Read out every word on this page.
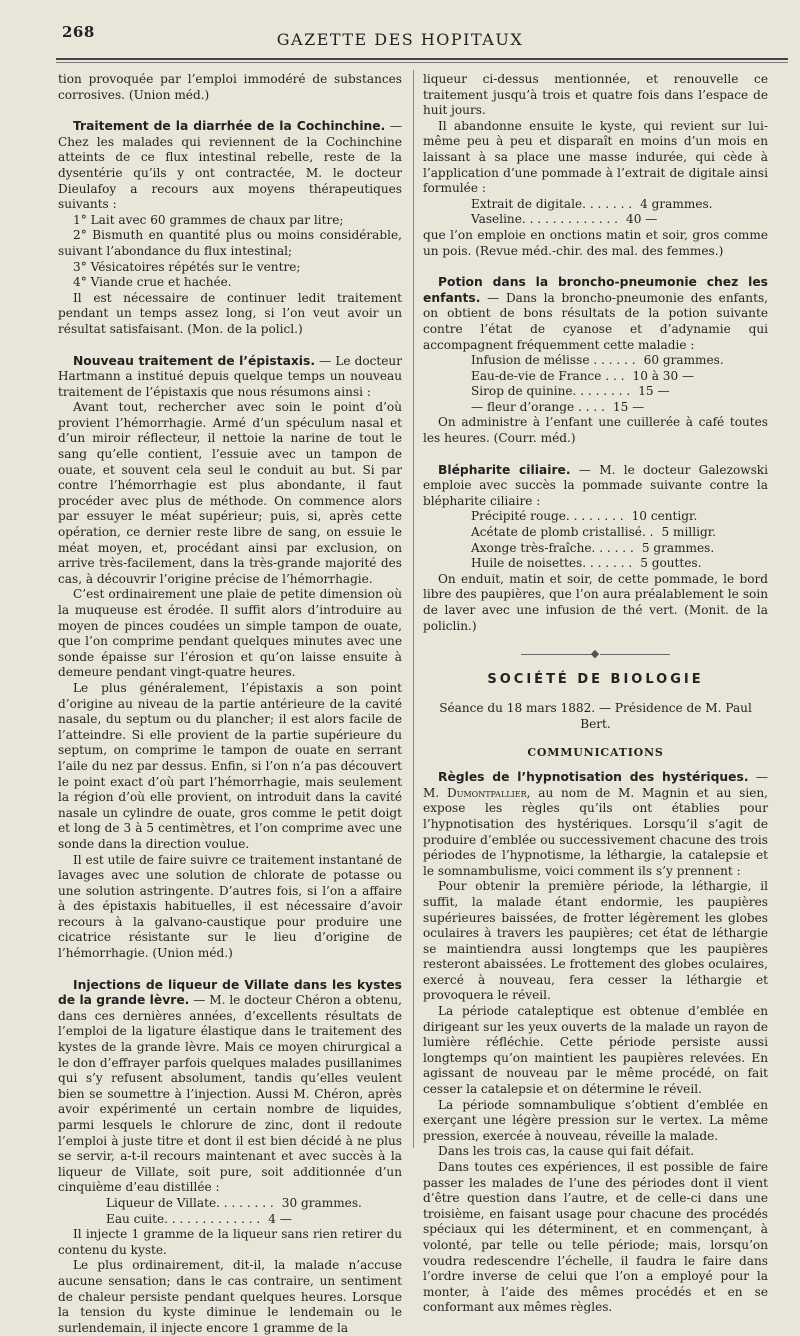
268	GAZETTE DES HOPITAUX

tion provoquée par l’emploi immodéré de substances corrosives. (Union méd.)

Traitement de la diarrhée de la Cochinchine. — Chez les malades qui reviennent de la Cochinchine atteints de ce flux intestinal rebelle, reste de la dysentérie qu’ils y ont contractée, M. le docteur Dieulafoy a recours aux moyens thérapeutiques suivants :

1° Lait avec 60 grammes de chaux par litre;

2° Bismuth en quantité plus ou moins considérable, suivant l’abondance du flux intestinal;

3° Vésicatoires répétés sur le ventre;

4° Viande crue et hachée.

Il est nécessaire de continuer ledit traitement pendant un temps assez long, si l’on veut avoir un résultat satisfaisant. (Mon. de la policl.)

Nouveau traitement de l’épistaxis. — Le docteur Hartmann a institué depuis quelque temps un nouveau traitement de l’épistaxis que nous résumons ainsi :

Avant tout, rechercher avec soin le point d’où provient l’hémorrhagie. Armé d’un spéculum nasal et d’un miroir réflecteur, il nettoie la narine de tout le sang qu’elle contient, l’essuie avec un tampon de ouate, et souvent cela seul le conduit au but. Si par contre l’hémorrhagie est plus abondante, il faut procéder avec plus de méthode. On commence alors par essuyer le méat supérieur; puis, si, après cette opération, ce dernier reste libre de sang, on essuie le méat moyen, et, procédant ainsi par exclusion, on arrive très-facilement, dans la très-grande majorité des cas, à découvrir l’origine précise de l’hémorrhagie.

C’est ordinairement une plaie de petite dimension où la muqueuse est érodée. Il suffit alors d’introduire au moyen de pinces coudées un simple tampon de ouate, que l’on comprime pendant quelques minutes avec une sonde épaisse sur l’érosion et qu’on laisse ensuite à demeure pendant vingt-quatre heures.

Le plus généralement, l’épistaxis a son point d’origine au niveau de la partie antérieure de la cavité nasale, du septum ou du plancher; il est alors facile de l’atteindre. Si elle provient de la partie supérieure du septum, on comprime le tampon de ouate en serrant l’aile du nez par dessus. Enfin, si l’on n’a pas découvert le point exact d’où part l’hémorrhagie, mais seulement la région d’où elle provient, on introduit dans la cavité nasale un cylindre de ouate, gros comme le petit doigt et long de 3 à 5 centimètres, et l’on comprime avec une sonde dans la direction voulue.

Il est utile de faire suivre ce traitement instantané de lavages avec une solution de chlorate de potasse ou une solution astringente. D’autres fois, si l’on a affaire à des épistaxis habituelles, il est nécessaire d’avoir recours à la galvano-caustique pour produire une cicatrice résistante sur le lieu d’origine de l’hémorrhagie. (Union méd.)

Injections de liqueur de Villate dans les kystes de la grande lèvre. — M. le docteur Chéron a obtenu, dans ces dernières années, d’excellents résultats de l’emploi de la ligature élastique dans le traitement des kystes de la grande lèvre. Mais ce moyen chirurgical a le don d’effrayer parfois quelques malades pusillanimes qui s’y refusent absolument, tandis qu’elles veulent bien se soumettre à l’injection. Aussi M. Chéron, après avoir expérimenté un certain nombre de liquides, parmi lesquels le chlorure de zinc, dont il redoute l’emploi à juste titre et dont il est bien décidé à ne plus se servir, a-t-il recours maintenant et avec succès à la liqueur de Villate, soit pure, soit additionnée d’un cinquième d’eau distillée :

Liqueur de Villate. . . . . . . . 30 grammes.
Eau cuite. . . . . . . . . . . . . 4 —

Il injecte 1 gramme de la liqueur sans rien retirer du contenu du kyste.

Le plus ordinairement, dit-il, la malade n’accuse aucune sensation; dans le cas contraire, un sentiment de chaleur persiste pendant quelques heures. Lorsque la tension du kyste diminue le lendemain ou le surlendemain, il injecte encore 1 gramme de la

liqueur ci-dessus mentionnée, et renouvelle ce traitement jusqu’à trois et quatre fois dans l’espace de huit jours.

Il abandonne ensuite le kyste, qui revient sur lui-même peu à peu et disparaît en moins d’un mois en laissant à sa place une masse indurée, qui cède à l’application d’une pommade à l’extrait de digitale ainsi formulée :

Extrait de digitale. . . . . . . 4 grammes.
Vaseline. . . . . . . . . . . . . 40 —

que l’on emploie en onctions matin et soir, gros comme un pois. (Revue méd.-chir. des mal. des femmes.)

Potion dans la broncho-pneumonie chez les enfants. — Dans la broncho-pneumonie des enfants, on obtient de bons résultats de la potion suivante contre l’état de cyanose et d’adynamie qui accompagnent fréquemment cette maladie :

Infusion de mélisse . . . . . . 60 grammes.
Eau-de-vie de France . . . 10 à 30 —
Sirop de quinine. . . . . . . . 15 —
— fleur d’orange . . . . 15 —

On administre à l’enfant une cuillerée à café toutes les heures. (Courr. méd.)

Blépharite ciliaire. — M. le docteur Galezowski emploie avec succès la pommade suivante contre la blépharite ciliaire :

Précipité rouge. . . . . . . . 10 centigr.
Acétate de plomb cristallisé. . 5 milligr.
Axonge très-fraîche. . . . . . 5 grammes.
Huile de noisettes. . . . . . . 5 gouttes.

On enduit, matin et soir, de cette pommade, le bord libre des paupières, que l’on aura préalablement le soin de laver avec une infusion de thé vert. (Monit. de la policlin.)

◆
SOCIÉTÉ DE BIOLOGIE

Séance du 18 mars 1882. — Présidence de M. Paul Bert.

COMMUNICATIONS

Règles de l’hypnotisation des hystériques. — M. Dumontpallier, au nom de M. Magnin et au sien, expose les règles qu’ils ont établies pour l’hypnotisation des hystériques. Lorsqu’il s’agit de produire d’emblée ou successivement chacune des trois périodes de l’hypnotisme, la léthargie, la catalepsie et le somnambulisme, voici comment ils s’y prennent :

Pour obtenir la première période, la léthargie, il suffit, la malade étant endormie, les paupières supérieures baissées, de frotter légèrement les globes oculaires à travers les paupières; cet état de léthargie se maintiendra aussi longtemps que les paupières resteront abaissées. Le frottement des globes oculaires, exercé à nouveau, fera cesser la léthargie et provoquera le réveil.

La période cataleptique est obtenue d’emblée en dirigeant sur les yeux ouverts de la malade un rayon de lumière réfléchie. Cette période persiste aussi longtemps qu’on maintient les paupières relevées. En agissant de nouveau par le même procédé, on fait cesser la catalepsie et on détermine le réveil.

La période somnambulique s’obtient d’emblée en exerçant une légère pression sur le vertex. La même pression, exercée à nouveau, réveille la malade.

Dans les trois cas, la cause qui fait défait.

Dans toutes ces expériences, il est possible de faire passer les malades de l’une des périodes dont il vient d’être question dans l’autre, et de celle-ci dans une troisième, en faisant usage pour chacune des procédés spéciaux qui les déterminent, et en commençant, à volonté, par telle ou telle période; mais, lorsqu’on voudra redescendre l’échelle, il faudra le faire dans l’ordre inverse de celui que l’on a employé pour la monter, à l’aide des mêmes procédés et en se conformant aux mêmes règles.
